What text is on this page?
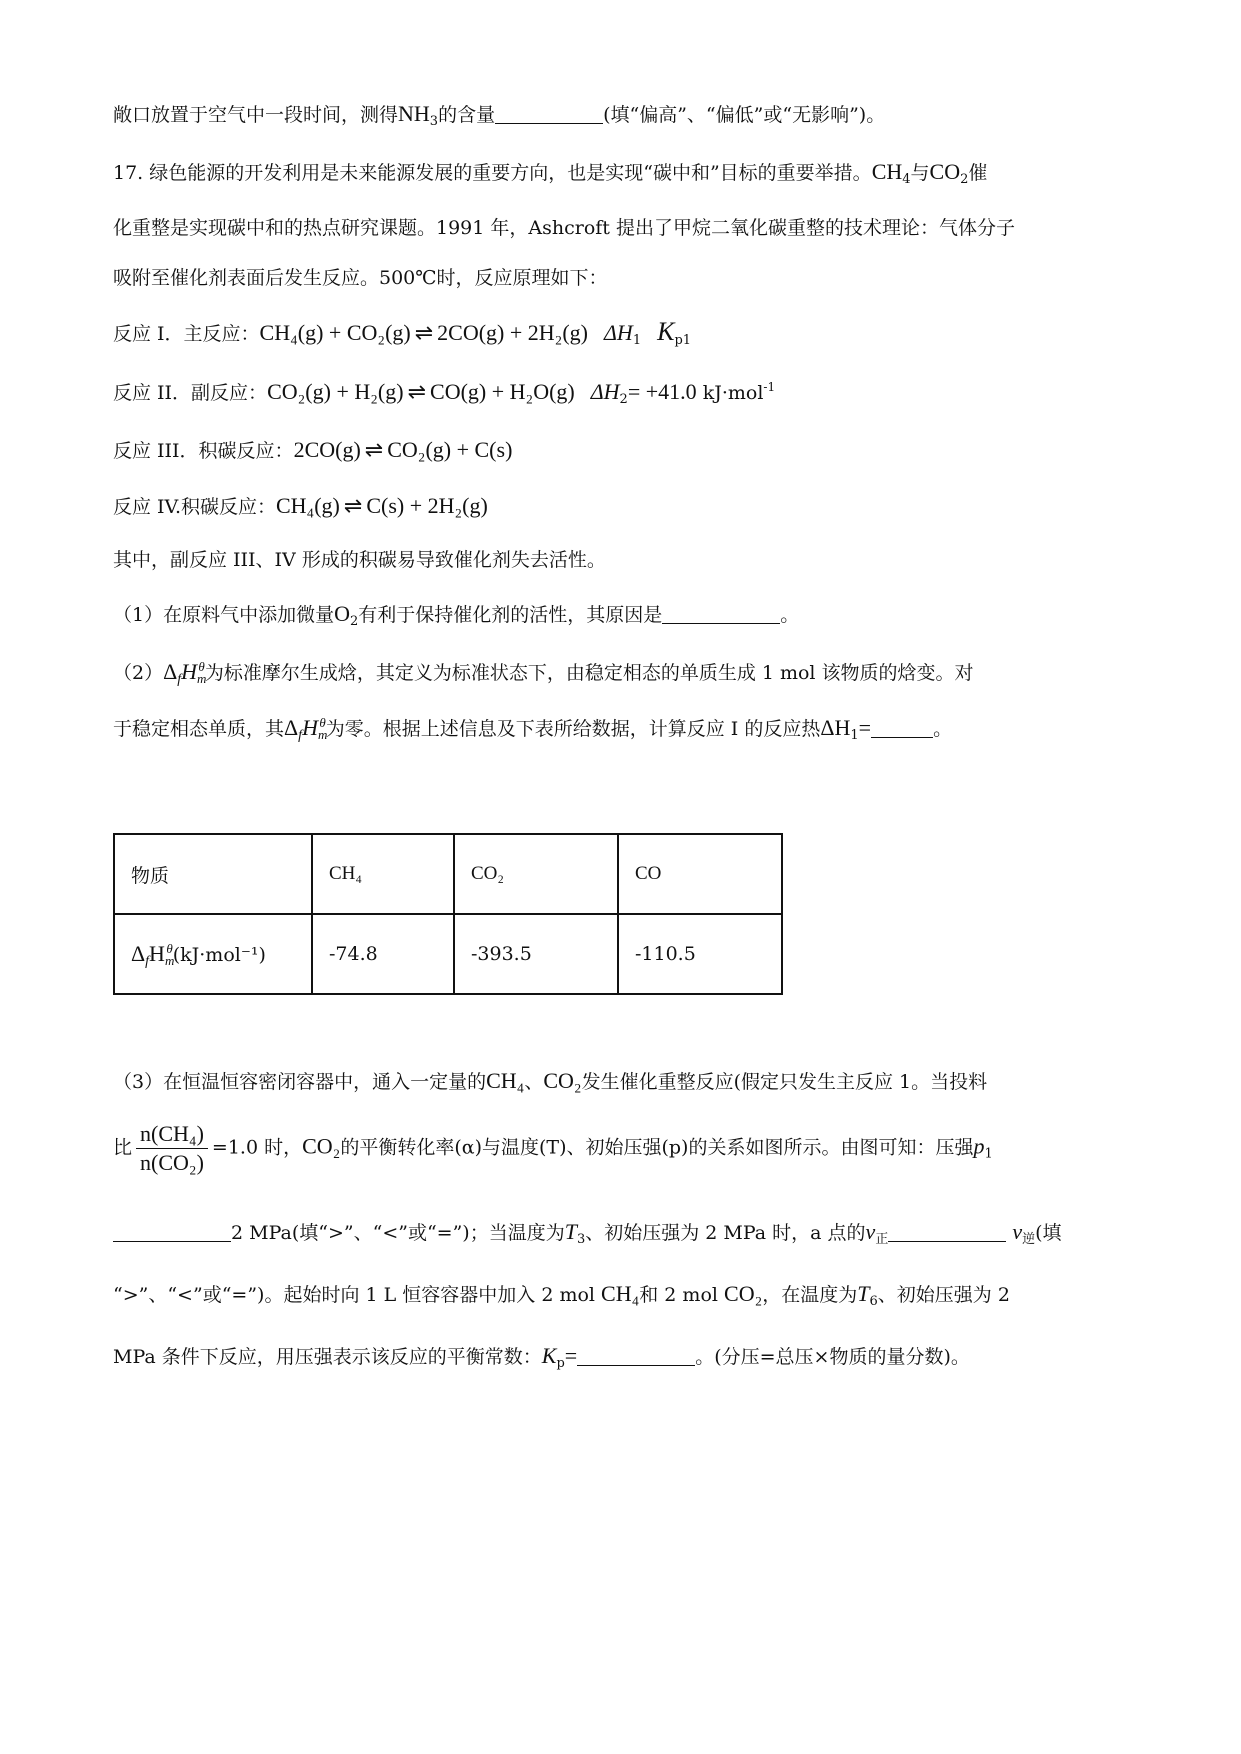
敞口放置于空气中一段时间，测得$NH_3$的含量	(填“偏高”、“偏低”或“无影响”)。
17. 绿色能源的开发利用是未来能源发展的重要方向，也是实现“碳中和”目标的重要举措。$CH_4$与$CO_2$催
化重整是实现碳中和的热点研究课题。1991 年，Ashcroft 提出了甲烷二氧化碳重整的技术理论：气体分子
吸附至催化剂表面后发生反应。500℃时，反应原理如下：
反应 I．主反应：CH₄(g) + CO₂(g) ⇌ 2CO(g) + 2H₂(g) $\Delta H_1$ $K_{p1}$
反应 II．副反应：CO₂(g) + H₂(g) ⇌ CO(g) + H₂O(g) $\Delta H_2= +41.0$ kJ·mol$^{-1}$
反应 III．积碳反应：2CO(g) ⇌ CO₂(g) + C(s)
反应 IV.积碳反应：CH₄(g) ⇌ C(s) + 2H₂(g)
其中，副反应 III、IV 形成的积碳易导致催化剂失去活性。
（1）在原料气中添加微量$O_2$有利于保持催化剂的活性，其原因是	。
$(2)\Delta_fH_m^\theta$为标准摩尔生成焓，其定义为标准状态下，由稳定相态的单质生成 1 mol 该物质的焓变。对
于稳定相态单质，其$\Delta_fH_m^\theta$为零。根据上述信息及下表所给数据，计算反应 I 的反应热$\Delta H_1=$	。
物质	CH₄	CO₂	CO
$\Delta_fH_m^\theta(kJ\cdot mol^{-1})$	-74.8	-393.5	-110.5
（3）在恒温恒容密闭容器中，通入一定量的CH₄、CO₂发生催化重整反应(假定只发生主反应 1。当投料
比 $\frac{\text{n(CH₄)}}{\text{n(CO₂)}} =1.0$ 时，CO₂的平衡转化率(α)与温度(T)、初始压强(p)的关系如图所示。由图可知：压强$p_1$
2 MPa(填“>”、“<”或“=”)；当温度为$T_3$、初始压强为 2 MPa 时，a 点的$v_正$	$v_逆$(填
“>”、“<”或“=”)。起始时向 1 L 恒容容器中加入 2 mol CH₄和 2 mol CO₂，在温度为$T_6$、初始压强为 2
MPa 条件下反应，用压强表示该反应的平衡常数：$K_p=$	。(分压=总压×物质的量分数)。
